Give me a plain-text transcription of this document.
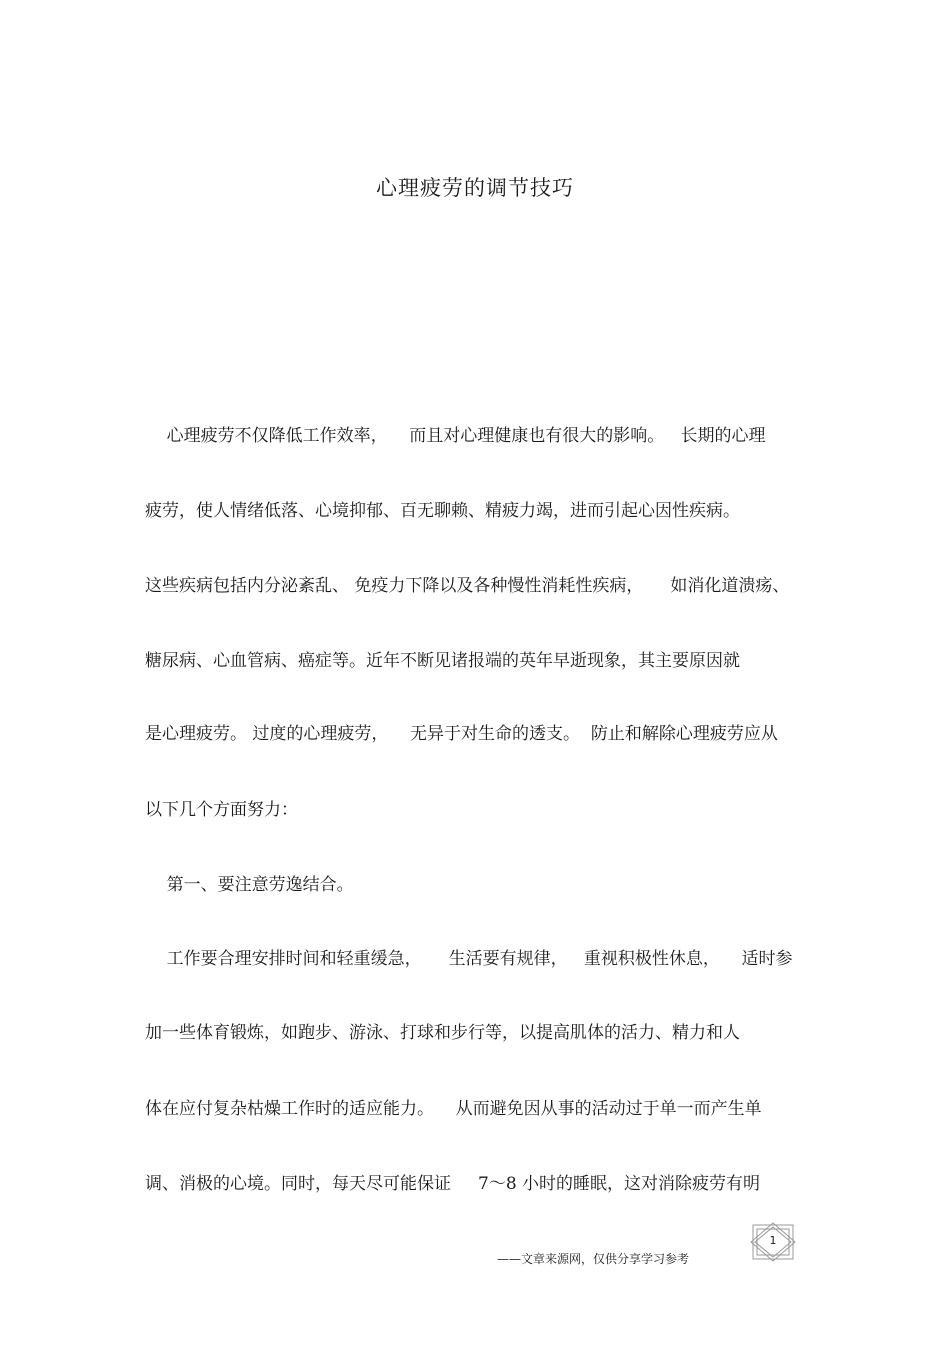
心理疲劳的调节技巧
心理疲劳不仅降低工作效率，    而且对心理健康也有很大的影响。   长期的心理
疲劳，使人情绪低落、心境抑郁、百无聊赖、精疲力竭，进而引起心因性疾病。
这些疾病包括内分泌紊乱、 免疫力下降以及各种慢性消耗性疾病，     如消化道溃疡、
糖尿病、心血管病、癌症等。近年不断见诸报端的英年早逝现象，其主要原因就
是心理疲劳。 过度的心理疲劳，    无异于对生命的透支。  防止和解除心理疲劳应从
以下几个方面努力：
第一、要注意劳逸结合。
工作要合理安排时间和轻重缓急，     生活要有规律，   重视积极性休息，    适时参
加一些体育锻炼，如跑步、游泳、打球和步行等，以提高肌体的活力、精力和人
体在应付复杂枯燥工作时的适应能力。    从而避免因从事的活动过于单一而产生单
调、消极的心境。同时，每天尽可能保证     7～8 小时的睡眠，这对消除疲劳有明
1
——文章来源网，仅供分享学习参考
